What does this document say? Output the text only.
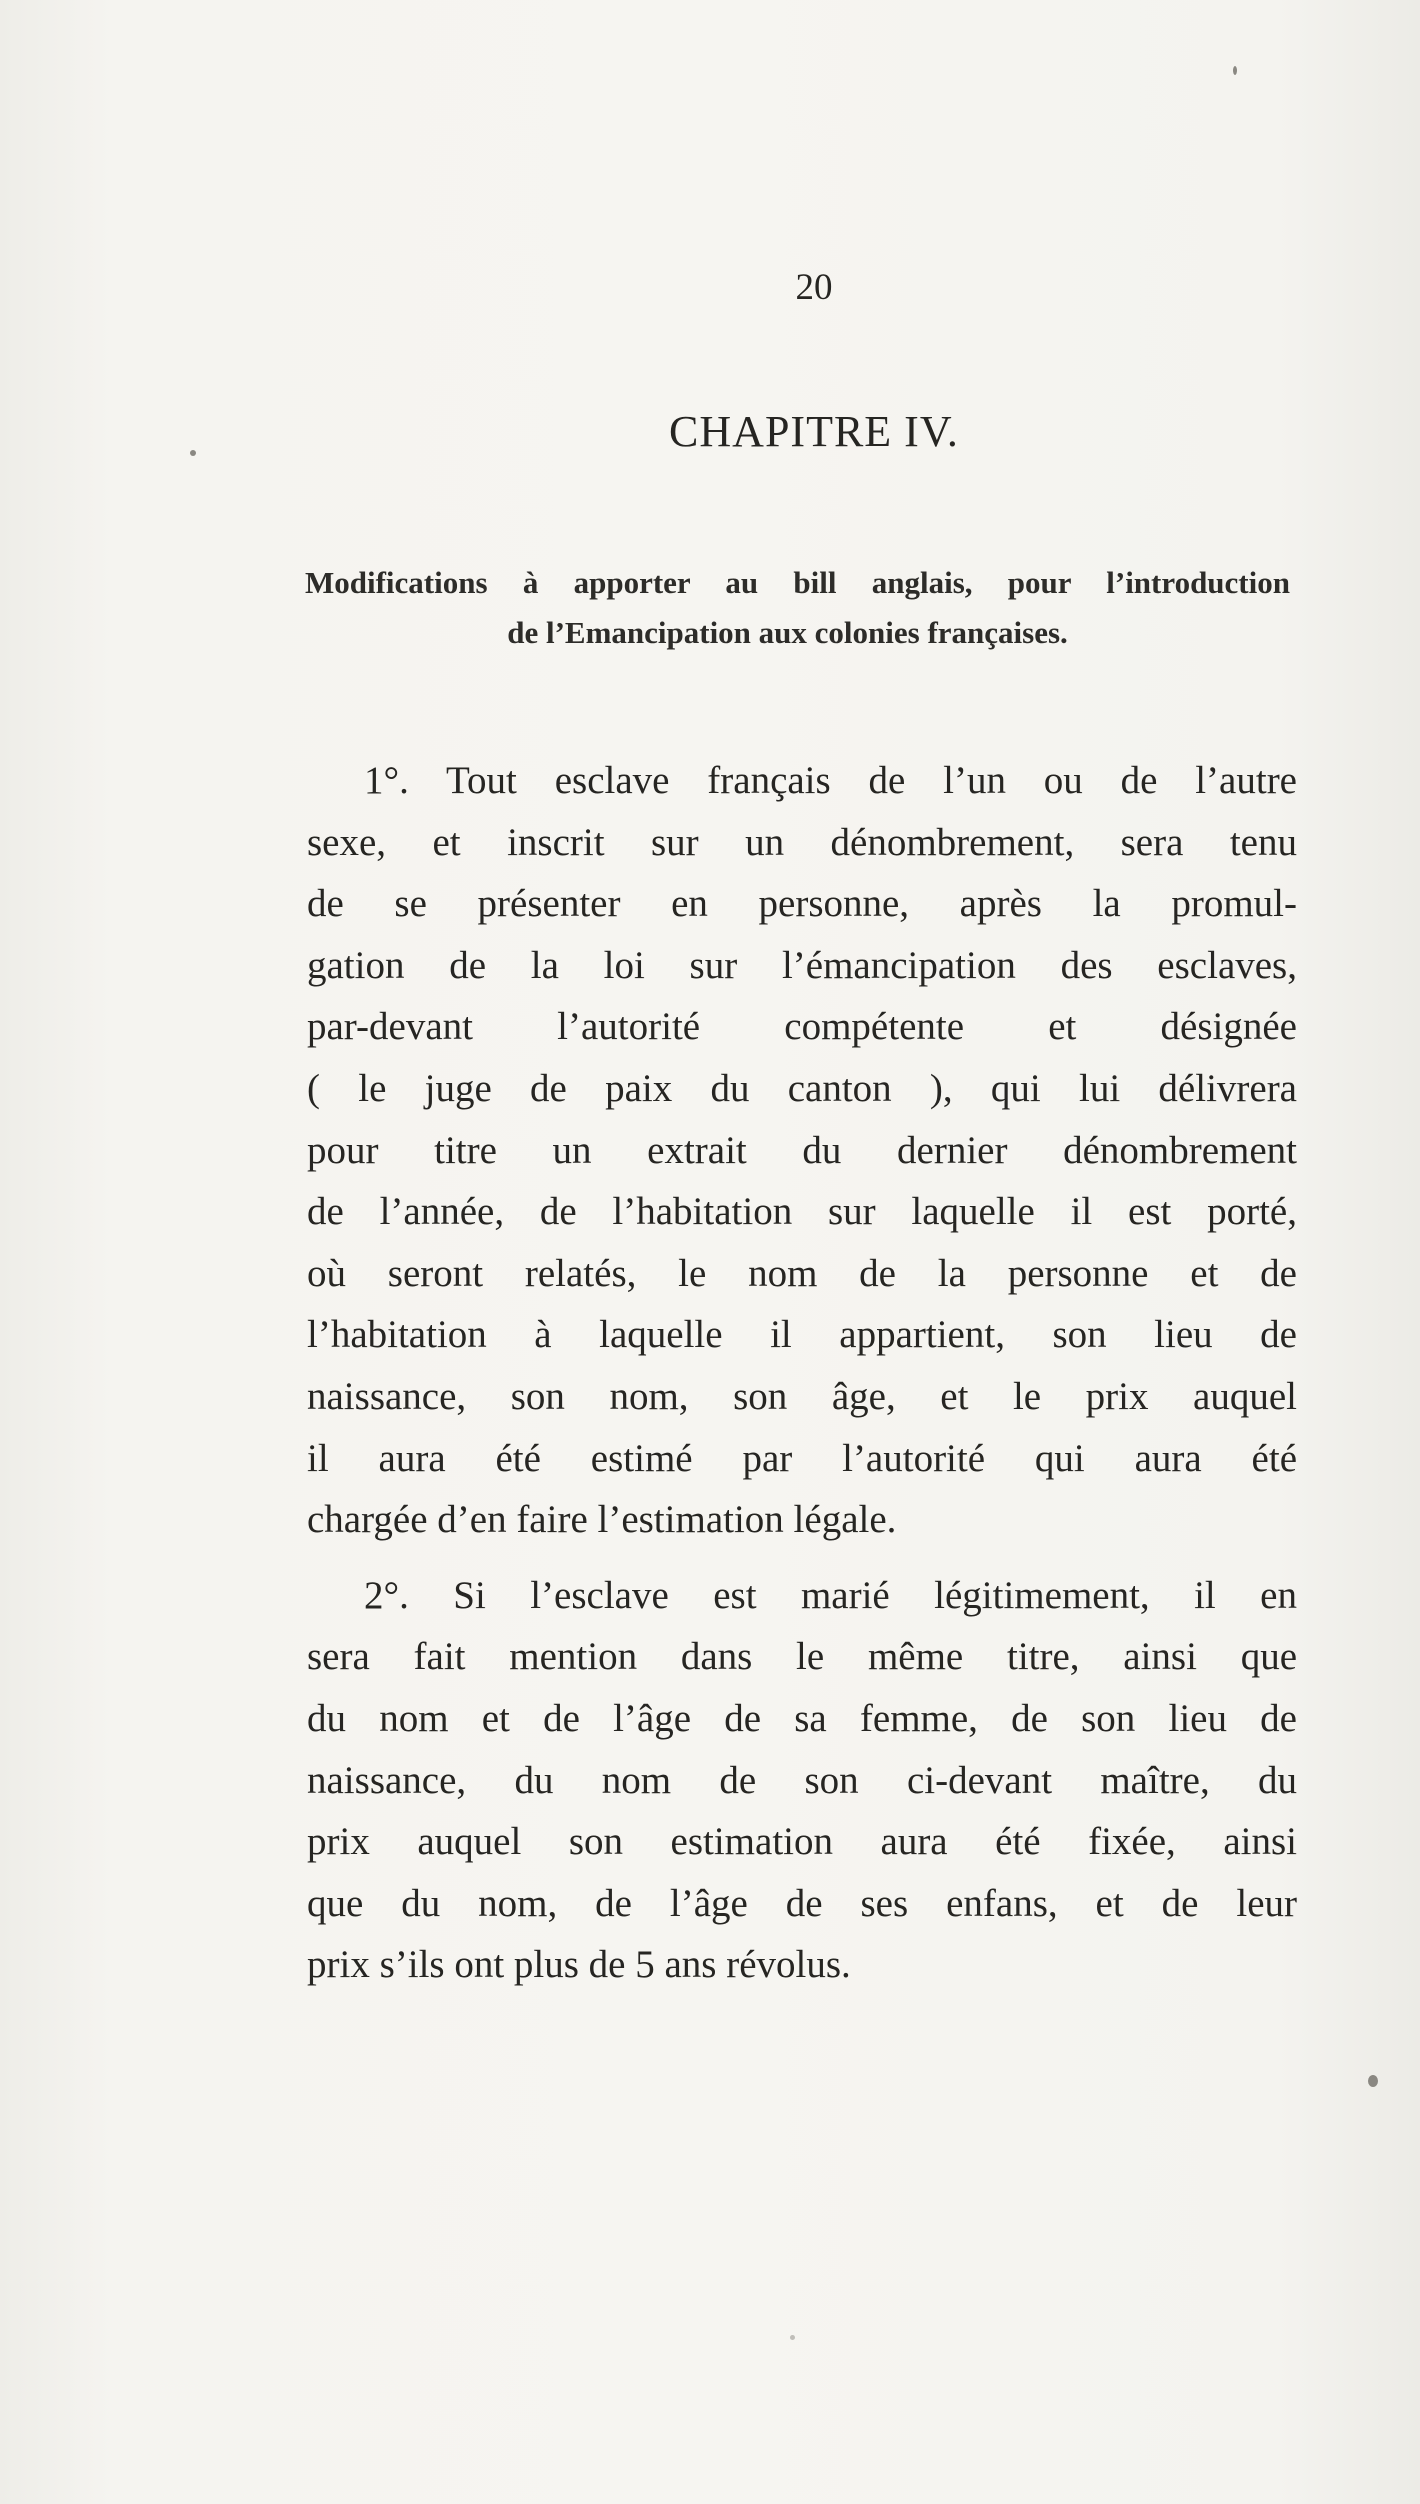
20
CHAPITRE IV.
Modifications à apporter au bill anglais, pour l’introduction
de l’Emancipation aux colonies françaises.
1°. Tout esclave français de l’un ou de l’autre
sexe, et inscrit sur un dénombrement, sera tenu
de se présenter en personne, après la promul-
gation de la loi sur l’émancipation des esclaves,
par-devant l’autorité compétente et désignée
( le juge de paix du canton ), qui lui délivrera
pour titre un extrait du dernier dénombrement
de l’année, de l’habitation sur laquelle il est porté,
où seront relatés, le nom de la personne et de
l’habitation à laquelle il appartient, son lieu de
naissance, son nom, son âge, et le prix auquel
il aura été estimé par l’autorité qui aura été
chargée d’en faire l’estimation légale.
2°. Si l’esclave est marié légitimement, il en
sera fait mention dans le même titre, ainsi que
du nom et de l’âge de sa femme, de son lieu de
naissance, du nom de son ci-devant maître, du
prix auquel son estimation aura été fixée, ainsi
que du nom, de l’âge de ses enfans, et de leur
prix s’ils ont plus de 5 ans révolus.
